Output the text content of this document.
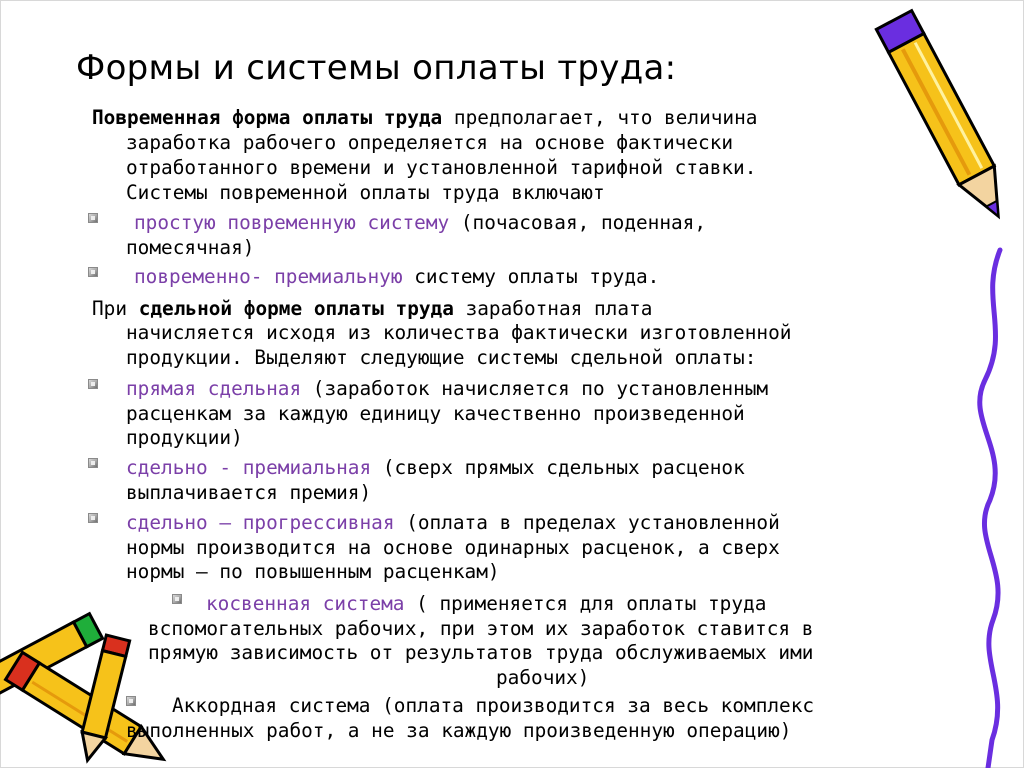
Формы и системы оплаты труда:
Повременная форма оплаты труда предполагает, что величина
заработка рабочего определяется на основе фактически
отработанного времени и установленной тарифной ставки.
Системы повременной оплаты труда включают
простую повременную систему (почасовая, поденная,
помесячная)
повременно- премиальную систему оплаты труда.
При сдельной форме оплаты труда заработная плата
начисляется исходя из количества фактически изготовленной
продукции. Выделяют следующие системы сдельной оплаты:
прямая сдельная (заработок начисляется по установленным
расценкам за каждую единицу качественно произведенной
продукции)
сдельно - премиальная (сверх прямых сдельных расценок
выплачивается премия)
сдельно – прогрессивная (оплата в пределах установленной
нормы производится на основе одинарных расценок, а сверх
нормы – по повышенным расценкам)
косвенная система ( применяется для оплаты труда
вспомогательных рабочих, при этом их заработок ставится в
прямую зависимость от результатов труда обслуживаемых ими
рабочих)
Аккордная система (оплата производится за весь комплекс
выполненных работ, а не за каждую произведенную операцию)
